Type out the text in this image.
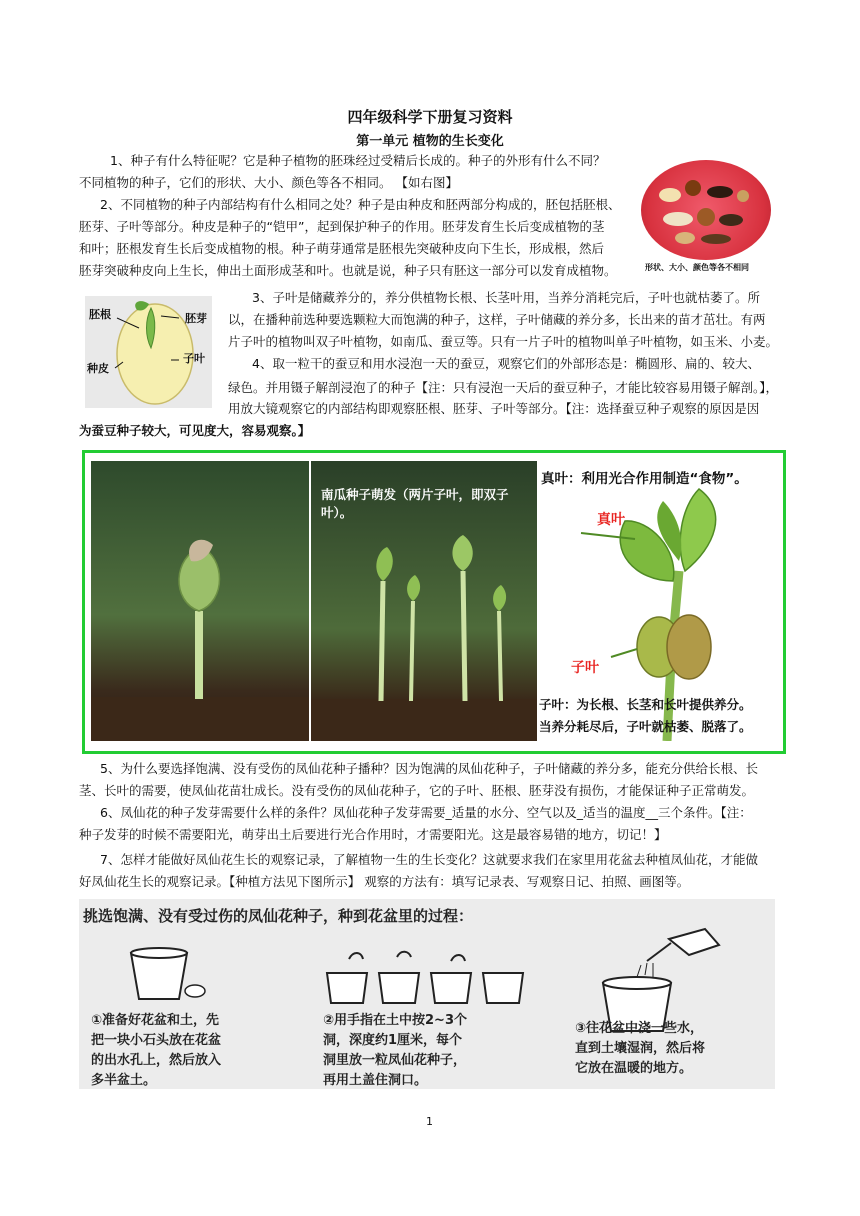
四年级科学下册复习资料
第一单元 植物的生长变化
1、种子有什么特征呢？它是种子植物的胚珠经过受精后长成的。种子的外形有什么不同？
不同植物的种子，它们的形状、大小、颜色等各不相同。 【如右图】
2、不同植物的种子内部结构有什么相同之处？种子是由种皮和胚两部分构成的，胚包括胚根、
胚芽、子叶等部分。种皮是种子的“铠甲”，起到保护种子的作用。胚芽发育生长后变成植物的茎
和叶；胚根发育生长后变成植物的根。种子萌芽通常是胚根先突破种皮向下生长，形成根，然后
胚芽突破种皮向上生长，伸出土面形成茎和叶。也就是说，种子只有胚这一部分可以发育成植物。	形状、大小、颜色等各不相同
胚根	胚芽
种皮
子叶
3、子叶是储藏养分的，养分供植物长根、长茎叶用，当养分消耗完后，子叶也就枯萎了。所
以，在播种前选种要选颗粒大而饱满的种子，这样，子叶储藏的养分多，长出来的苗才茁壮。有两
片子叶的植物叫双子叶植物，如南瓜、蚕豆等。只有一片子叶的植物叫单子叶植物，如玉米、小麦。
4、取一粒干的蚕豆和用水浸泡一天的蚕豆，观察它们的外部形态是：椭圆形、扁的、较大、
绿色。并用镊子解剖浸泡了的种子【注：只有浸泡一天后的蚕豆种子，才能比较容易用镊子解剖。】，
用放大镜观察它的内部结构即观察胚根、胚芽、子叶等部分。【注：选择蚕豆种子观察的原因是因
为蚕豆种子较大，可见度大，容易观察。】
南瓜种子萌发（两片子叶，即双子叶）。
真叶：利用光合作用制造“食物”。
真叶
子叶
子叶：为长根、长茎和长叶提供养分。
当养分耗尽后，子叶就枯萎、脱落了。
5、为什么要选择饱满、没有受伤的凤仙花种子播种？因为饱满的凤仙花种子，子叶储藏的养分多，能充分供给长根、长
茎、长叶的需要，使凤仙花苗壮成长。没有受伤的凤仙花种子，它的子叶、胚根、胚芽没有损伤，才能保证种子正常萌发。
6、凤仙花的种子发芽需要什么样的条件？凤仙花种子发芽需要_适量的水分、空气以及_适当的温度__三个条件。【注：
种子发芽的时候不需要阳光，萌芽出土后要进行光合作用时，才需要阳光。这是最容易错的地方，切记！】
7、怎样才能做好凤仙花生长的观察记录，了解植物一生的生长变化？这就要求我们在家里用花盆去种植凤仙花，才能做
好凤仙花生长的观察记录。【种植方法见下图所示】 观察的方法有：填写记录表、写观察日记、拍照、画图等。
挑选饱满、没有受过伤的凤仙花种子，种到花盆里的过程：
①准备好花盆和土，先
把一块小石头放在花盆
的出水孔上，然后放入
多半盆土。
②用手指在土中按2~3个
洞，深度约1厘米，每个
洞里放一粒凤仙花种子，
再用土盖住洞口。
③往花盆中浇一些水，
直到土壤湿润，然后将
它放在温暖的地方。
1
